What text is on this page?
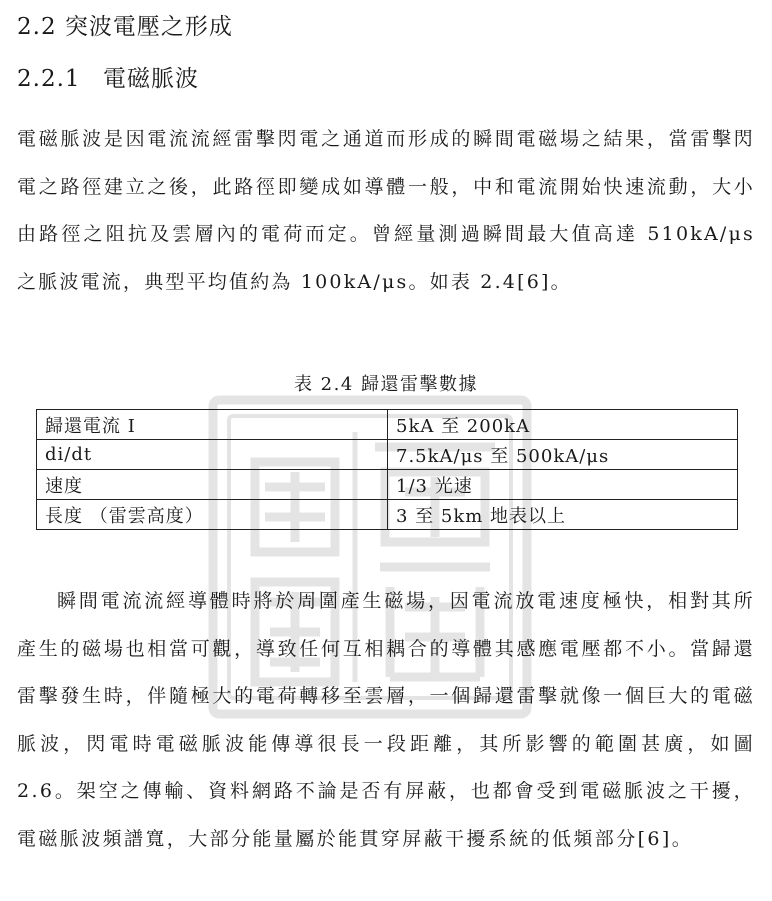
2.2 突波電壓之形成
2.2.1 電磁脈波

電磁脈波是因電流流經雷擊閃電之通道而形成的瞬間電磁場之結果，當雷擊閃電之路徑建立之後，此路徑即變成如導體一般，中和電流開始快速流動，大小由路徑之阻抗及雲層內的電荷而定。曾經量測過瞬間最大值高達 510kA/μs 之脈波電流，典型平均值約為 100kA/μs。如表 2.4[6]。

表 2.4 歸還雷擊數據
歸還電流 I	5kA 至 200kA
di/dt	7.5kA/μs 至 500kA/μs
速度	1/3 光速
長度 （雷雲高度）	3 至 5km 地表以上

瞬間電流流經導體時將於周圍產生磁場，因電流放電速度極快，相對其所產生的磁場也相當可觀，導致任何互相耦合的導體其感應電壓都不小。當歸還雷擊發生時，伴隨極大的電荷轉移至雲層，一個歸還雷擊就像一個巨大的電磁脈波，閃電時電磁脈波能傳導很長一段距離，其所影響的範圍甚廣，如圖 2.6。架空之傳輸、資料網路不論是否有屏蔽，也都會受到電磁脈波之干擾，電磁脈波頻譜寬，大部分能量屬於能貫穿屏蔽干擾系統的低頻部分[6]。
